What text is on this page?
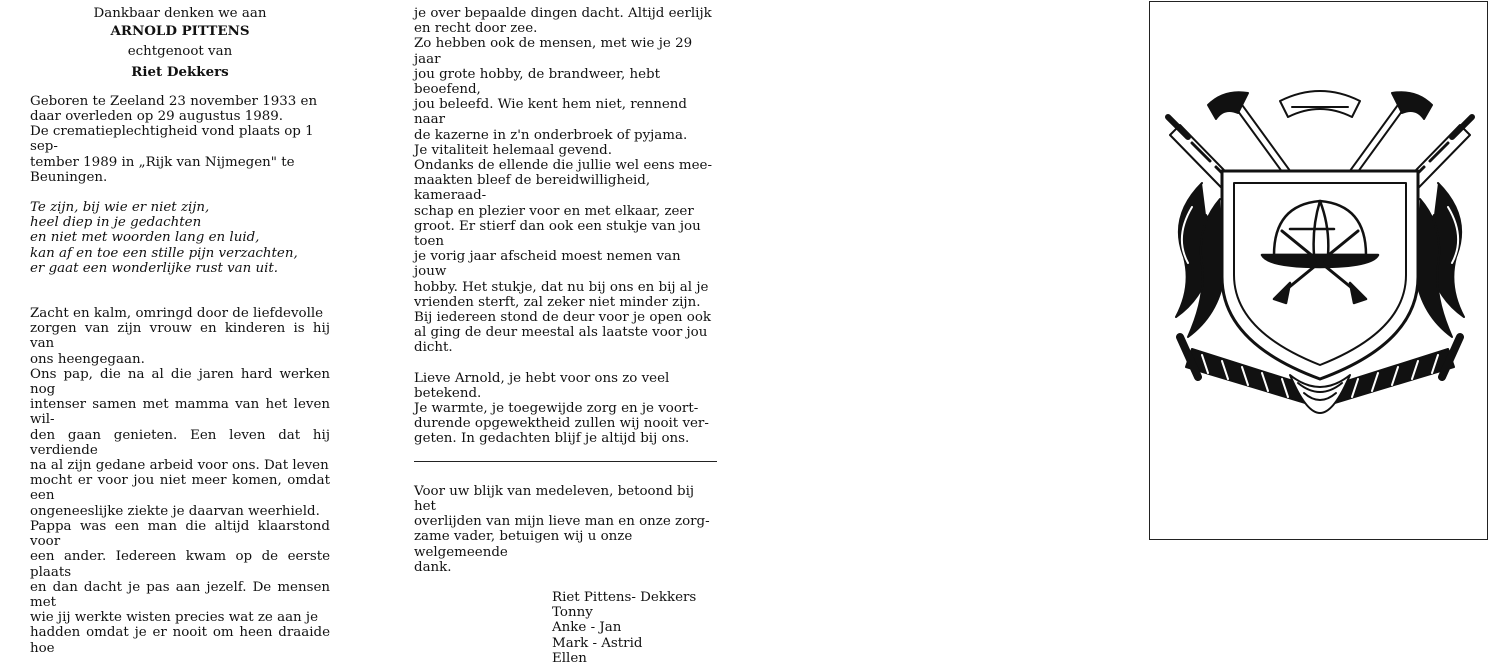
Dankbaar denken we aan

ARNOLD PITTENS

echtgenoot van

Riet Dekkers

Geboren te Zeeland 23 november 1933 en

daar overleden op 29 augustus 1989.

De crematieplechtigheid vond plaats op 1 sep-

tember 1989 in „Rijk van Nijmegen" te

Beuningen.

Te zijn, bij wie er niet zijn,

heel diep in je gedachten

en niet met woorden lang en luid,

kan af en toe een stille pijn verzachten,

er gaat een wonderlijke rust van uit.

Zacht en kalm, omringd door de liefdevolle

zorgen van zijn vrouw en kinderen is hij van

ons heengegaan.

Ons pap, die na al die jaren hard werken nog

intenser samen met mamma van het leven wil-

den gaan genieten. Een leven dat hij verdiende

na al zijn gedane arbeid voor ons. Dat leven

mocht er voor jou niet meer komen, omdat een

ongeneeslijke ziekte je daarvan weerhield.

Pappa was een man die altijd klaarstond voor

een ander. Iedereen kwam op de eerste plaats

en dan dacht je pas aan jezelf. De mensen met

wie jij werkte wisten precies wat ze aan je

hadden omdat je er nooit om heen draaide hoe

je over bepaalde dingen dacht. Altijd eerlijk

en recht door zee.

Zo hebben ook de mensen, met wie je 29 jaar

jou grote hobby, de brandweer, hebt beoefend,

jou beleefd. Wie kent hem niet, rennend naar

de kazerne in z'n onderbroek of pyjama.

Je vitaliteit helemaal gevend.

Ondanks de ellende die jullie wel eens mee-

maakten bleef de bereidwilligheid, kameraad-

schap en plezier voor en met elkaar, zeer

groot. Er stierf dan ook een stukje van jou toen

je vorig jaar afscheid moest nemen van jouw

hobby. Het stukje, dat nu bij ons en bij al je

vrienden sterft, zal zeker niet minder zijn.

Bij iedereen stond de deur voor je open ook

al ging de deur meestal als laatste voor jou

dicht.

Lieve Arnold, je hebt voor ons zo veel betekend.

Je warmte, je toegewijde zorg en je voort-

durende opgewektheid zullen wij nooit ver-

geten. In gedachten blijf je altijd bij ons.

Voor uw blijk van medeleven, betoond bij het

overlijden van mijn lieve man en onze zorg-

zame vader, betuigen wij u onze welgemeende

dank.

Riet Pittens- Dekkers

Tonny

Anke - Jan

Mark - Astrid

Ellen
